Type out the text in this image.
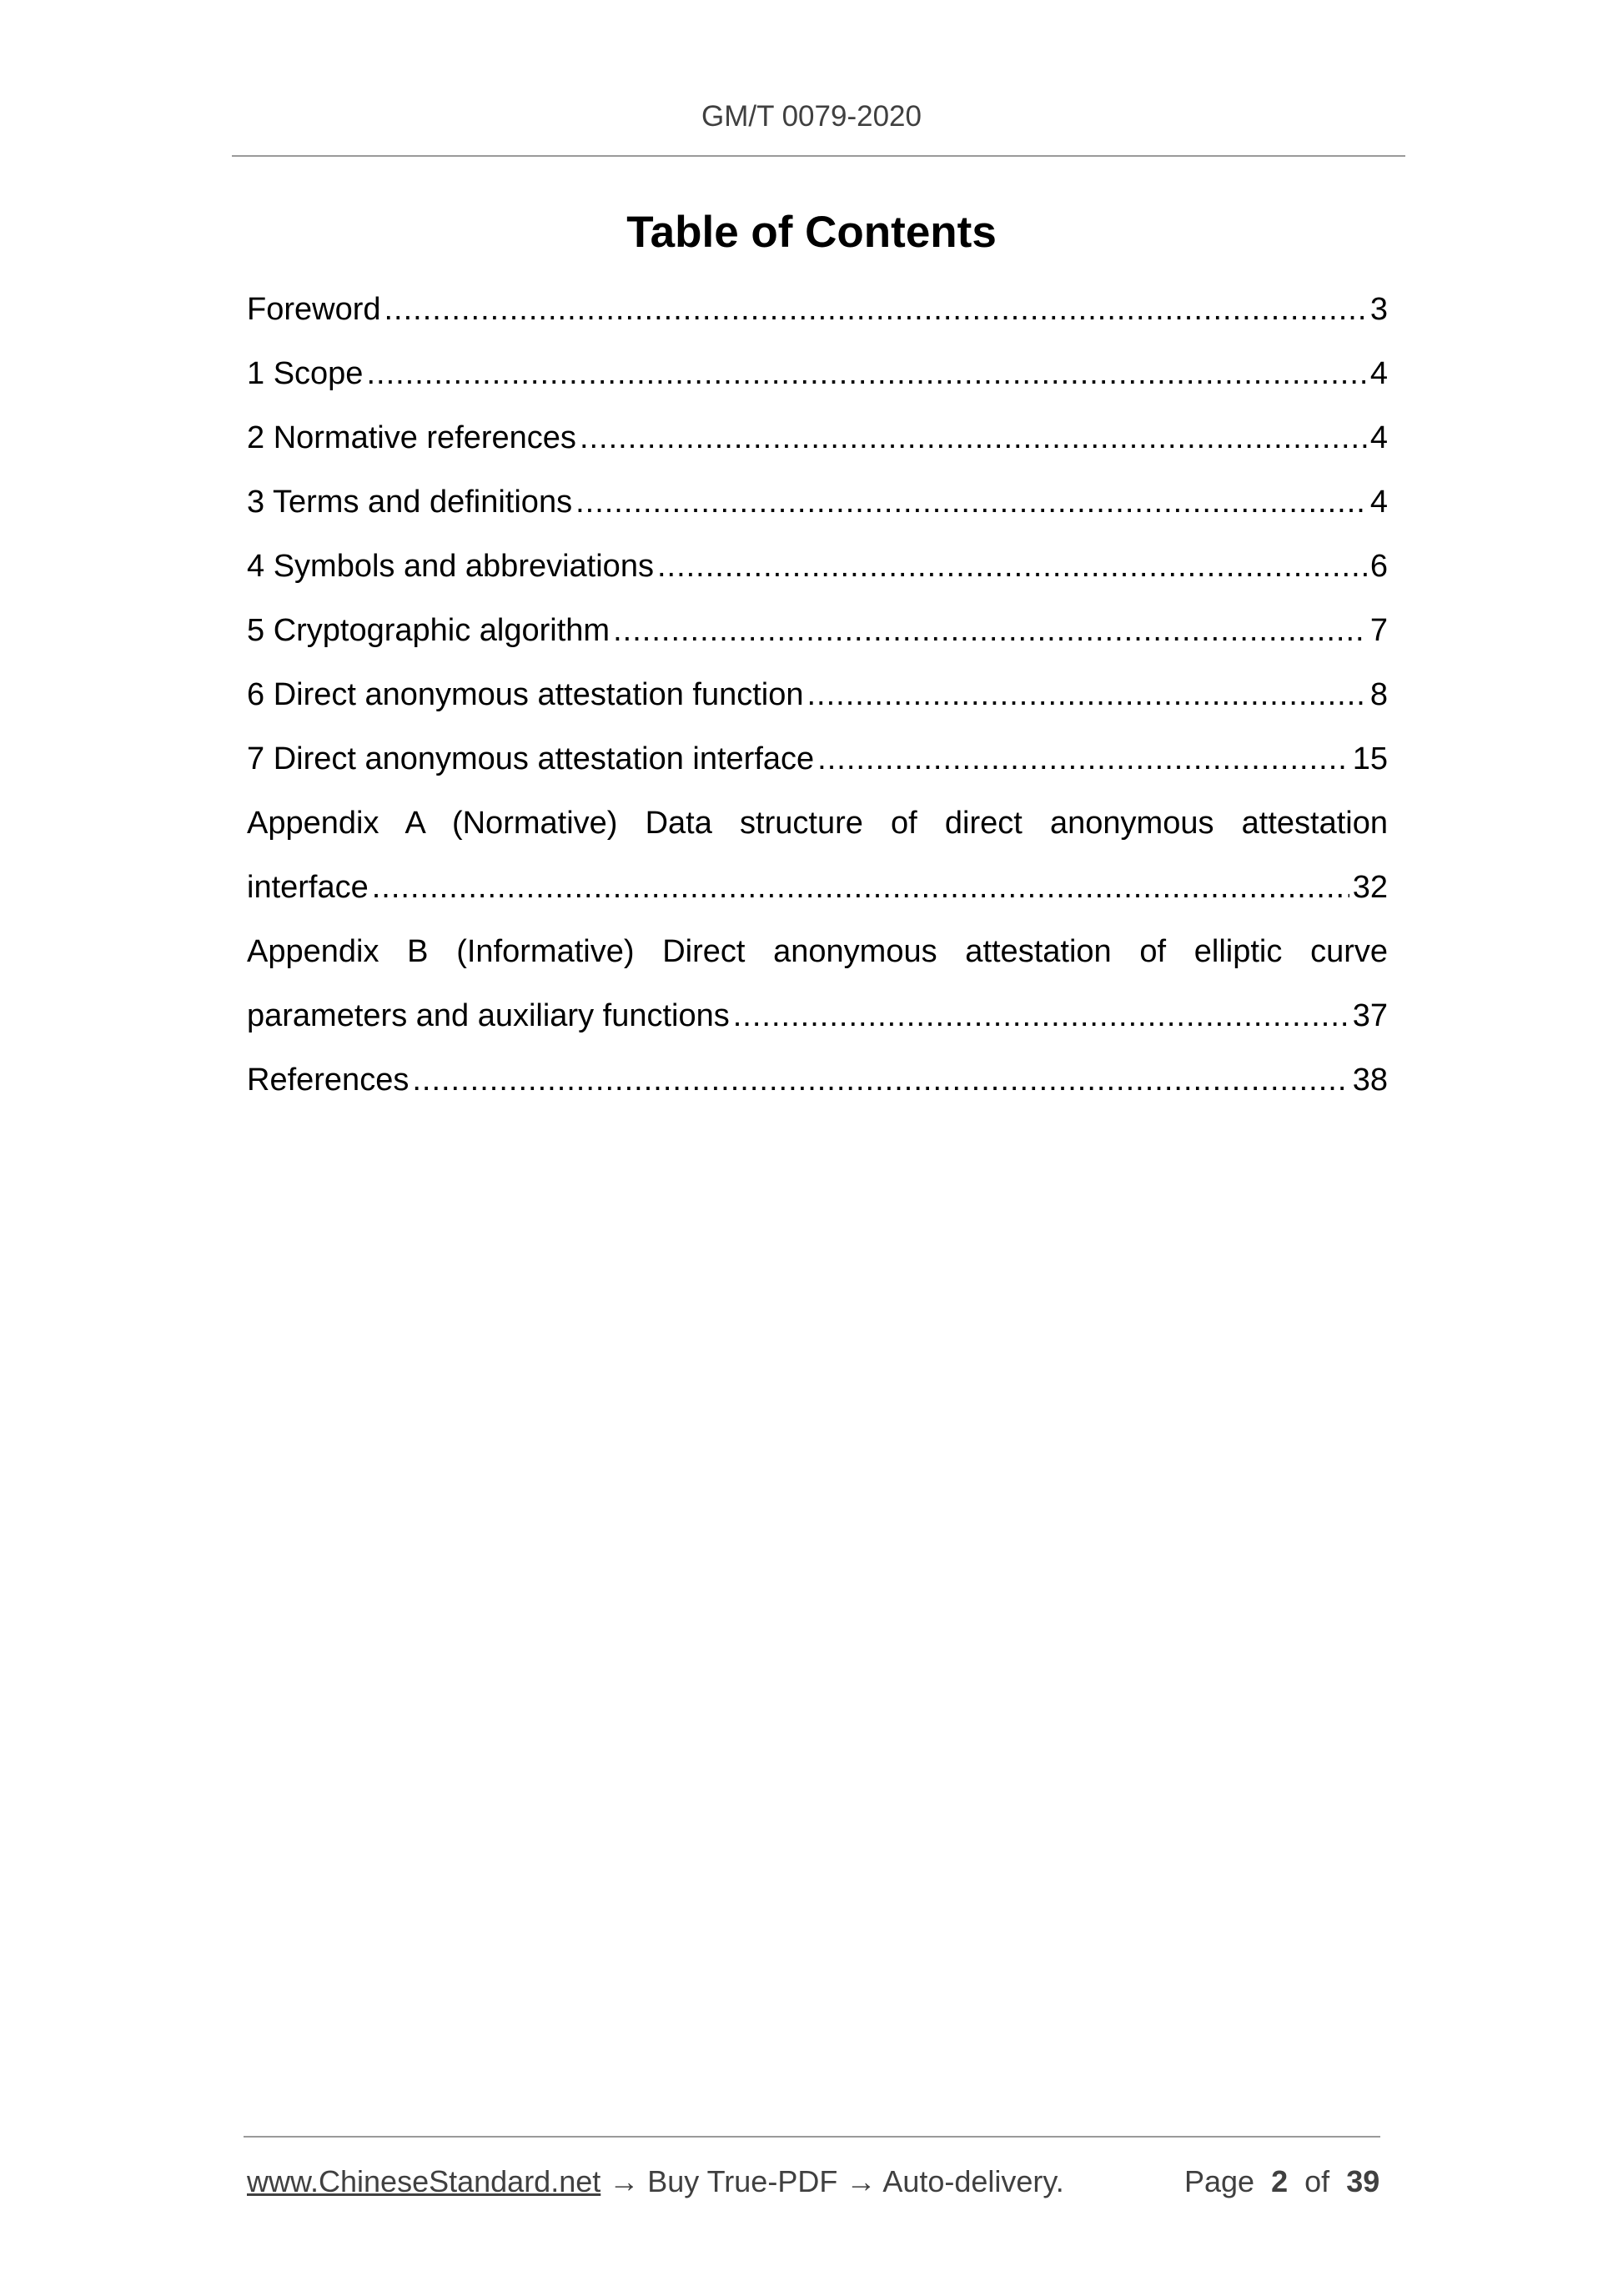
GM/T 0079-2020
Table of Contents
Foreword .....	3
1 Scope .....	4
2 Normative references .....	4
3 Terms and definitions .....	4
4 Symbols and abbreviations .....	6
5 Cryptographic algorithm .....	7
6 Direct anonymous attestation function .....	8
7 Direct anonymous attestation interface .....	15
Appendix A (Normative) Data structure of direct anonymous attestation
interface .....	32
Appendix B (Informative) Direct anonymous attestation of elliptic curve
parameters and auxiliary functions .....	37
References .....	38
www.ChineseStandard.net → Buy True-PDF → Auto-delivery.	Page 2 of 39
